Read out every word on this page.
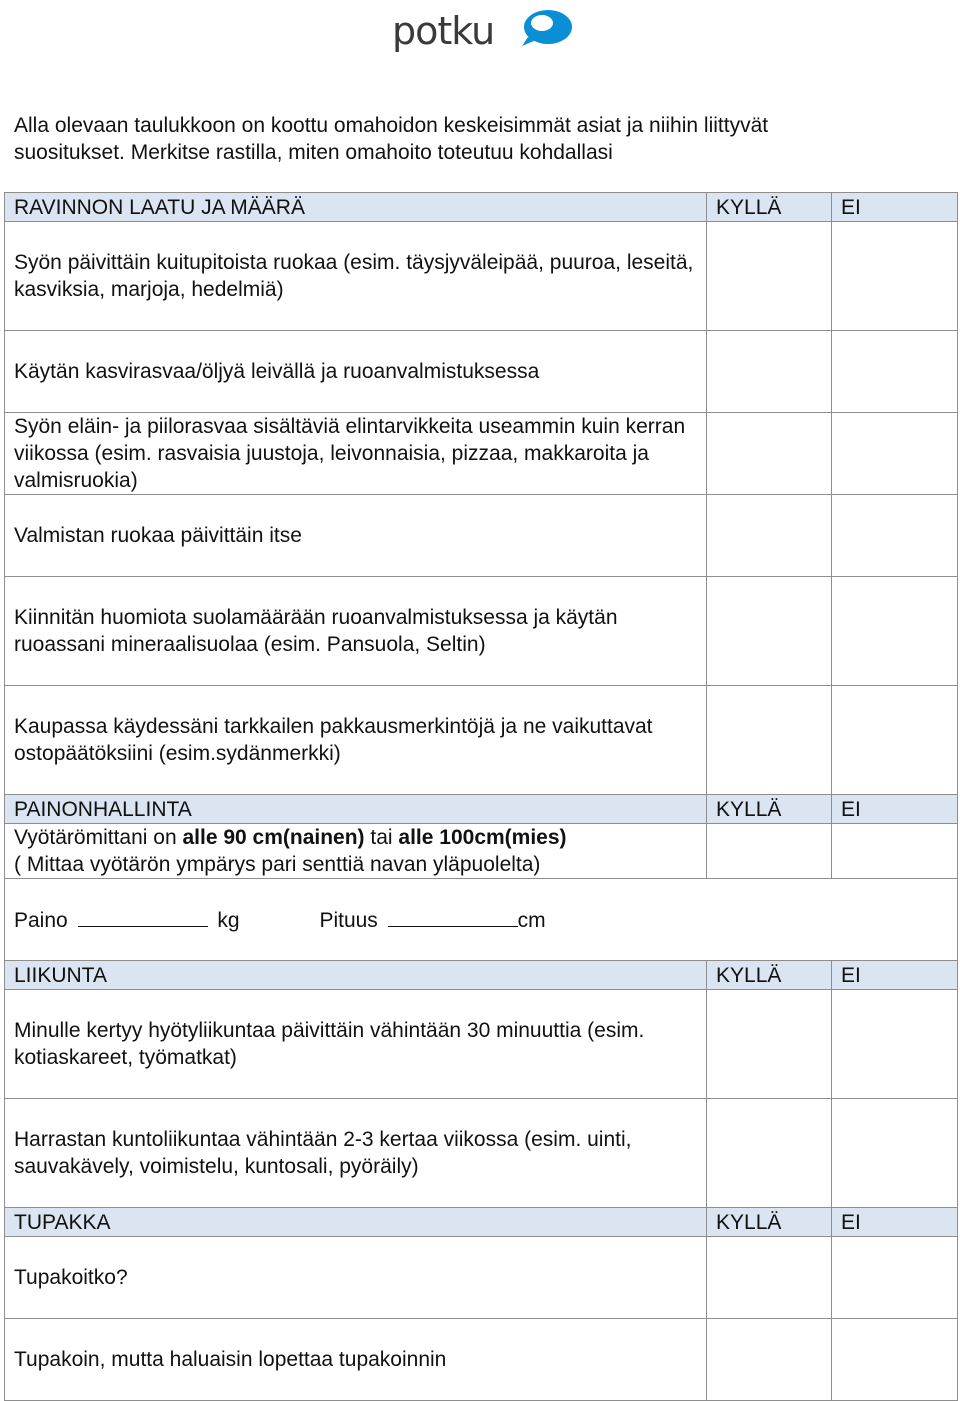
potku
Alla olevaan taulukkoon on koottu omahoidon keskeisimmät asiat ja niihin liittyvät
suositukset. Merkitse rastilla, miten omahoito toteutuu kohdallasi
RAVINNON LAATU JA MÄÄRÄ	KYLLÄ	EI
Syön päivittäin kuitupitoista ruokaa (esim. täysjyväleipää, puuroa, leseitä, kasviksia, marjoja, hedelmiä)		
Käytän kasvirasvaa/öljyä leivällä ja ruoanvalmistuksessa		
Syön eläin- ja piilorasvaa sisältäviä elintarvikkeita useammin kuin kerran viikossa (esim. rasvaisia juustoja, leivonnaisia, pizzaa, makkaroita ja valmisruokia)		
Valmistan ruokaa päivittäin itse		
Kiinnitän huomiota suolamäärään ruoanvalmistuksessa ja käytän ruoassani mineraalisuolaa (esim. Pansuola, Seltin)		
Kaupassa käydessäni tarkkailen pakkausmerkintöjä ja ne vaikuttavat ostopäätöksiini (esim.sydänmerkki)		
PAINONHALLINTA	KYLLÄ	EI
Vyötärömittani on alle 90 cm(nainen) tai alle 100cm(mies)
( Mittaa vyötärön ympärys pari senttiä navan yläpuolelta)		
Paino kg Pituus cm		
LIIKUNTA	KYLLÄ	EI
Minulle kertyy hyötyliikuntaa päivittäin vähintään 30 minuuttia (esim. kotiaskareet, työmatkat)		
Harrastan kuntoliikuntaa vähintään 2-3 kertaa viikossa (esim. uinti, sauvakävely, voimistelu, kuntosali, pyöräily)		
TUPAKKA	KYLLÄ	EI
Tupakoitko?		
Tupakoin, mutta haluaisin lopettaa tupakoinnin		
